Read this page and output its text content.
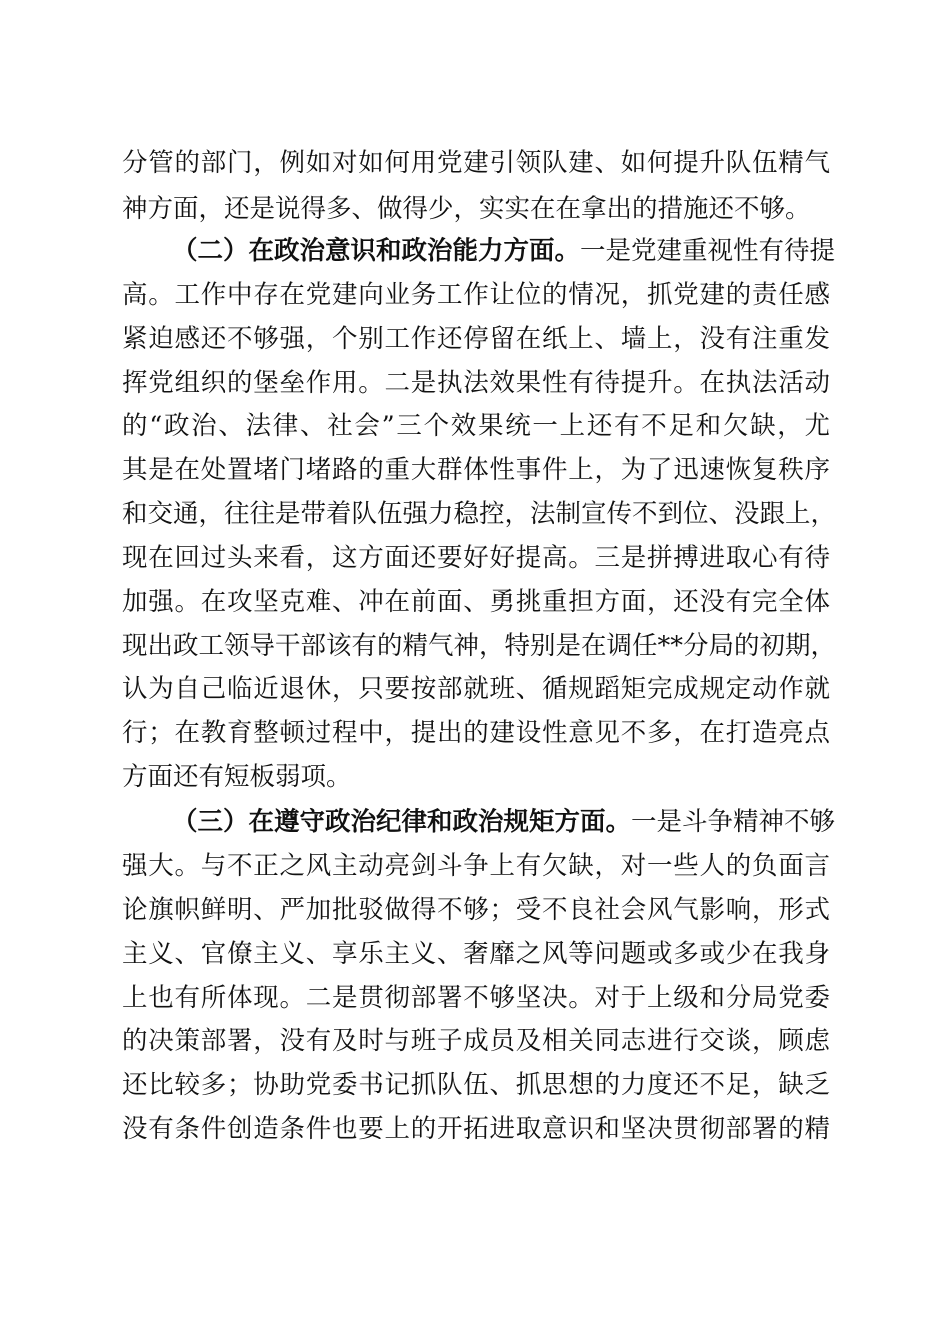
分管的部门，例如对如何用党建引领队建、如何提升队伍精气
神方面，还是说得多、做得少，实实在在拿出的措施还不够。
（二）在政治意识和政治能力方面。一是党建重视性有待提
高。工作中存在党建向业务工作让位的情况，抓党建的责任感
紧迫感还不够强，个别工作还停留在纸上、墙上，没有注重发
挥党组织的堡垒作用。二是执法效果性有待提升。在执法活动
的“政治、法律、社会”三个效果统一上还有不足和欠缺，尤
其是在处置堵门堵路的重大群体性事件上，为了迅速恢复秩序
和交通，往往是带着队伍强力稳控，法制宣传不到位、没跟上，
现在回过头来看，这方面还要好好提高。三是拼搏进取心有待
加强。在攻坚克难、冲在前面、勇挑重担方面，还没有完全体
现出政工领导干部该有的精气神，特别是在调任**分局的初期，
认为自己临近退休，只要按部就班、循规蹈矩完成规定动作就
行；在教育整顿过程中，提出的建设性意见不多，在打造亮点
方面还有短板弱项。
（三）在遵守政治纪律和政治规矩方面。一是斗争精神不够
强大。与不正之风主动亮剑斗争上有欠缺，对一些人的负面言
论旗帜鲜明、严加批驳做得不够；受不良社会风气影响，形式
主义、官僚主义、享乐主义、奢靡之风等问题或多或少在我身
上也有所体现。二是贯彻部署不够坚决。对于上级和分局党委
的决策部署，没有及时与班子成员及相关同志进行交谈，顾虑
还比较多；协助党委书记抓队伍、抓思想的力度还不足，缺乏
没有条件创造条件也要上的开拓进取意识和坚决贯彻部署的精
